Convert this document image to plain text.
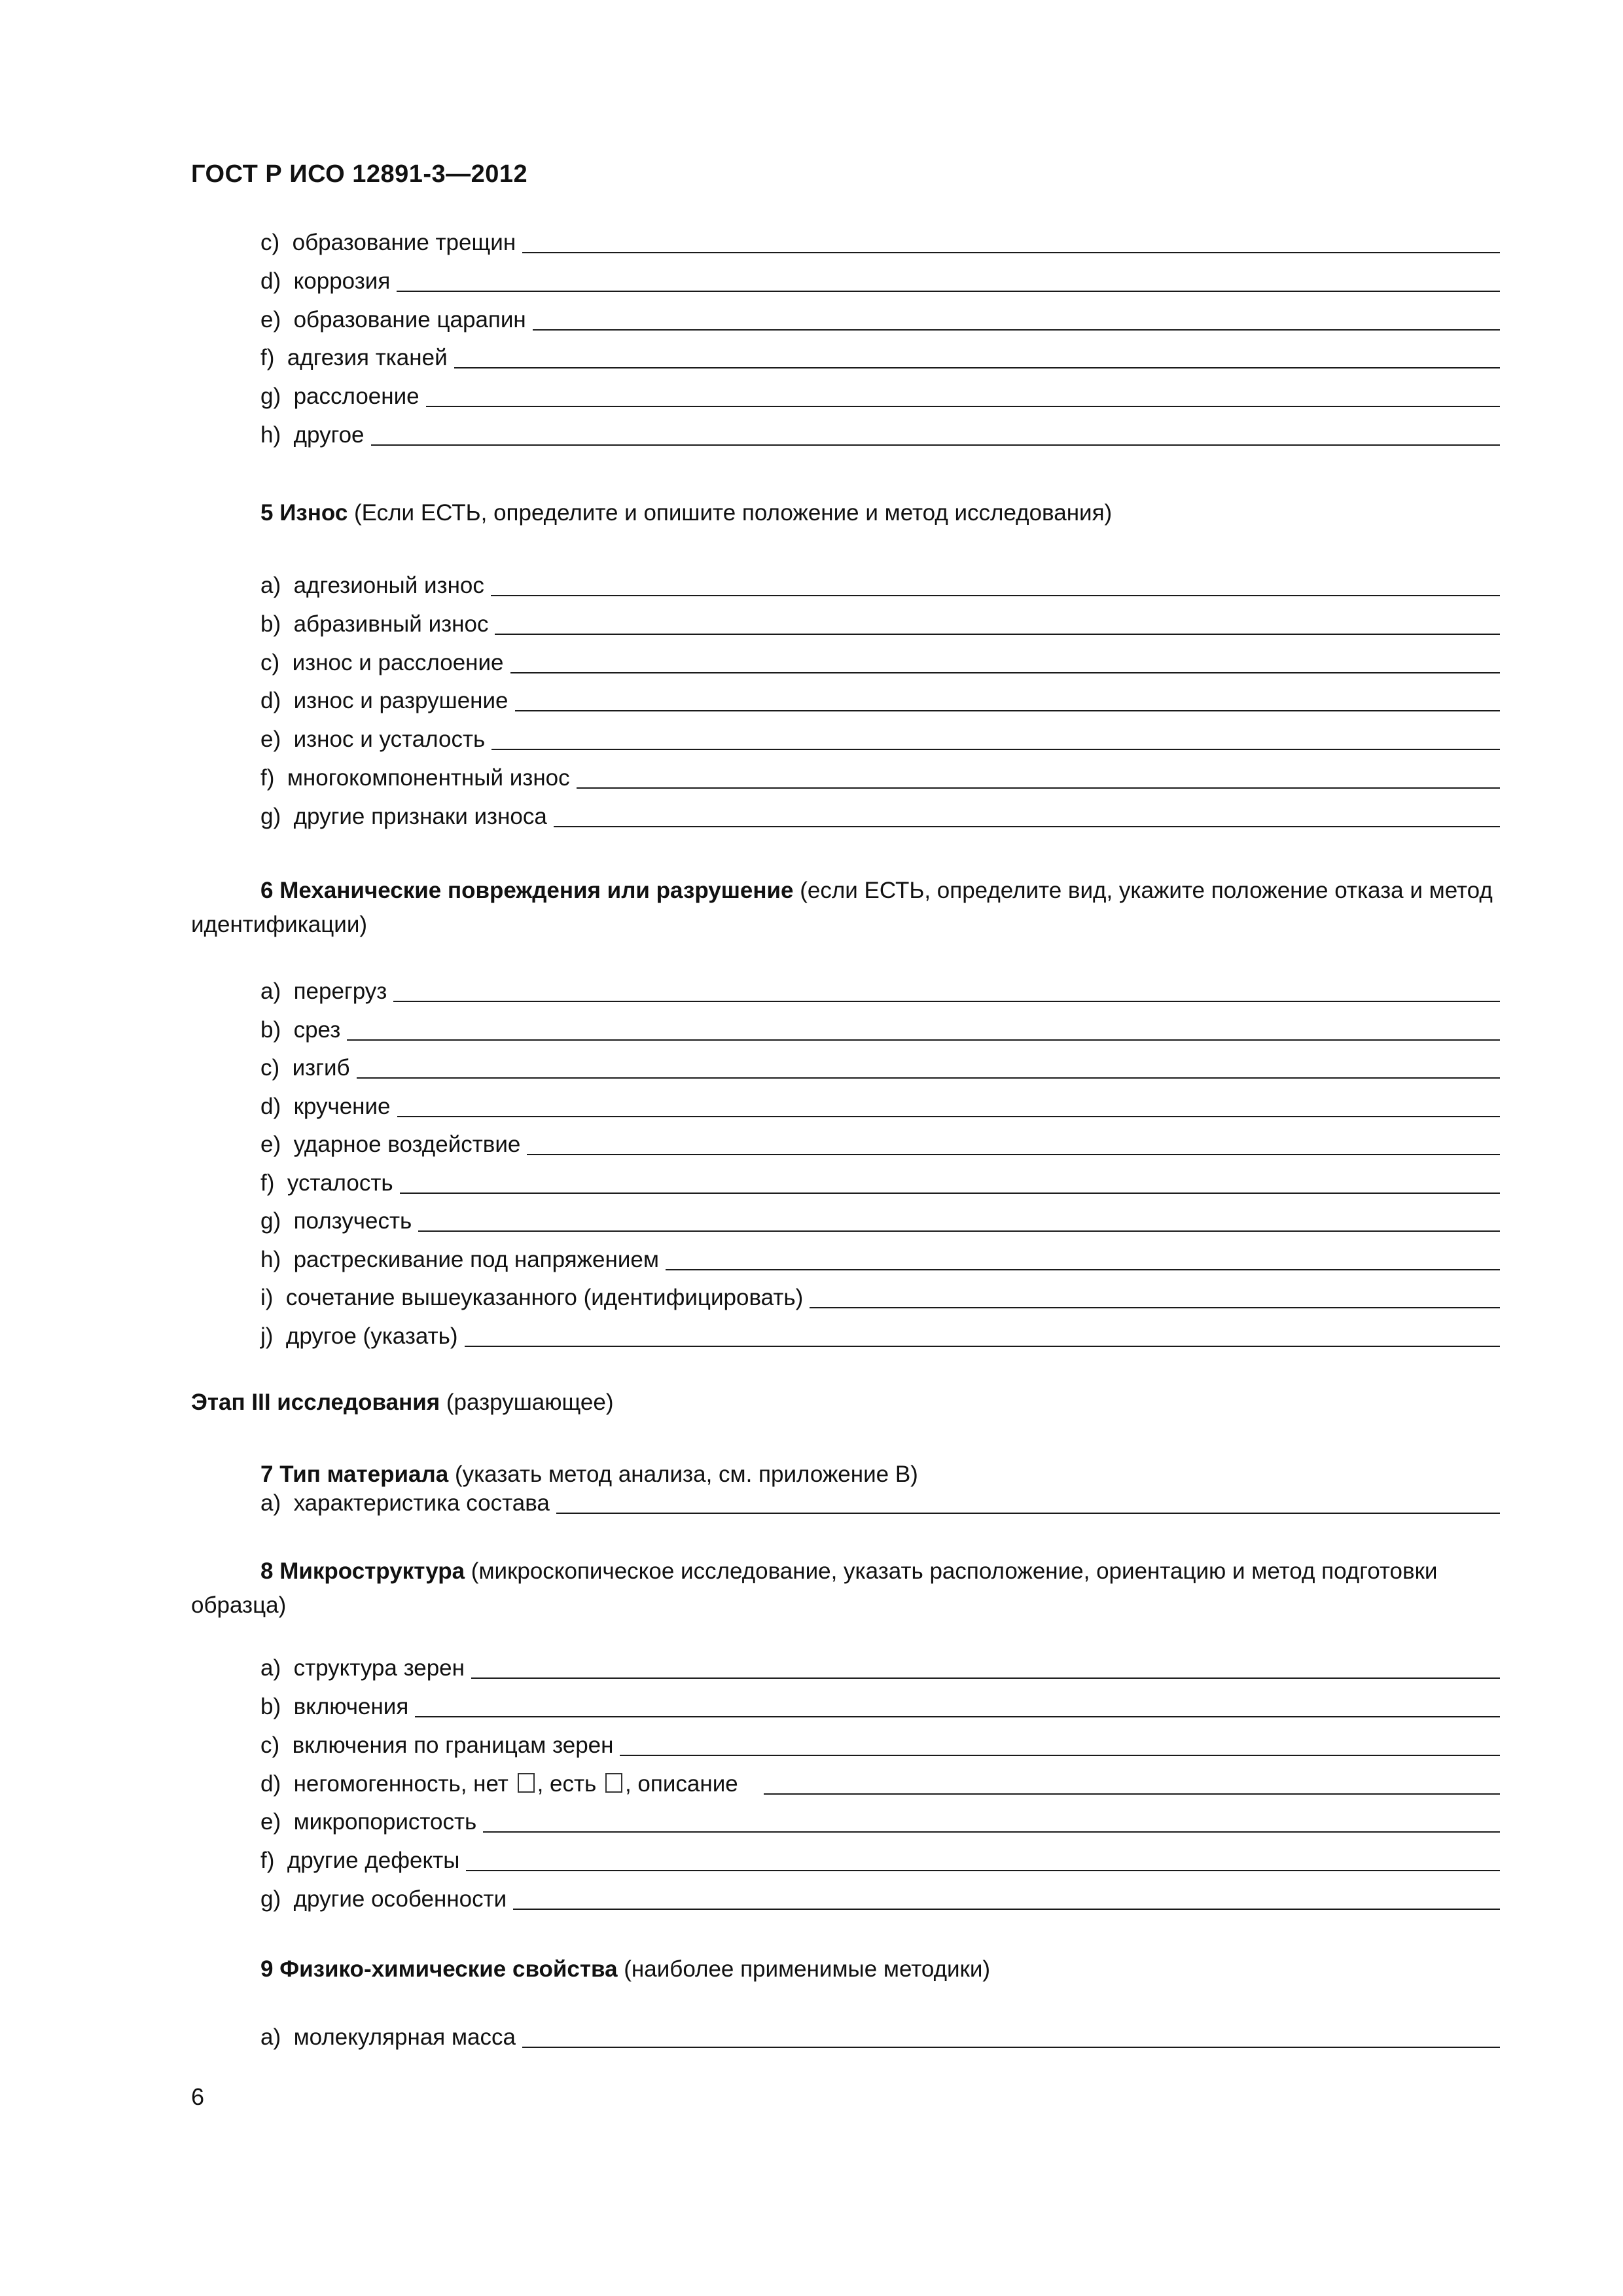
ГОСТ Р ИСО 12891-3—2012
c) образование трещин
d) коррозия
e) образование царапин
f) адгезия тканей
g) расслоение
h) другое
5 Износ (Если ЕСТЬ, определите и опишите положение и метод исследования)
a) адгезионый износ
b) абразивный износ
c) износ и расслоение
d) износ и разрушение
e) износ и усталость
f) многокомпонентный износ
g) другие признаки износа
6 Механические повреждения или разрушение (если ЕСТЬ, определите вид, укажите положение отказа и метод идентификации)
a) перегруз
b) срез
c) изгиб
d) кручение
e) ударное воздействие
f) усталость
g) ползучесть
h) растрескивание под напряжением
i) сочетание вышеуказанного (идентифицировать)
j) другое (указать)
Этап III исследования (разрушающее)
7 Тип материала (указать метод анализа, см. приложение В)
a) характеристика состава
8 Микроструктура (микроскопическое исследование, указать расположение, ориентацию и метод подготовки образца)
a) структура зерен
b) включения
c) включения по границам зерен
d) негомогенность, нет , есть , описание
e) микропористость
f) другие дефекты
g) другие особенности
9 Физико-химические свойства (наиболее применимые методики)
a) молекулярная масса
6
